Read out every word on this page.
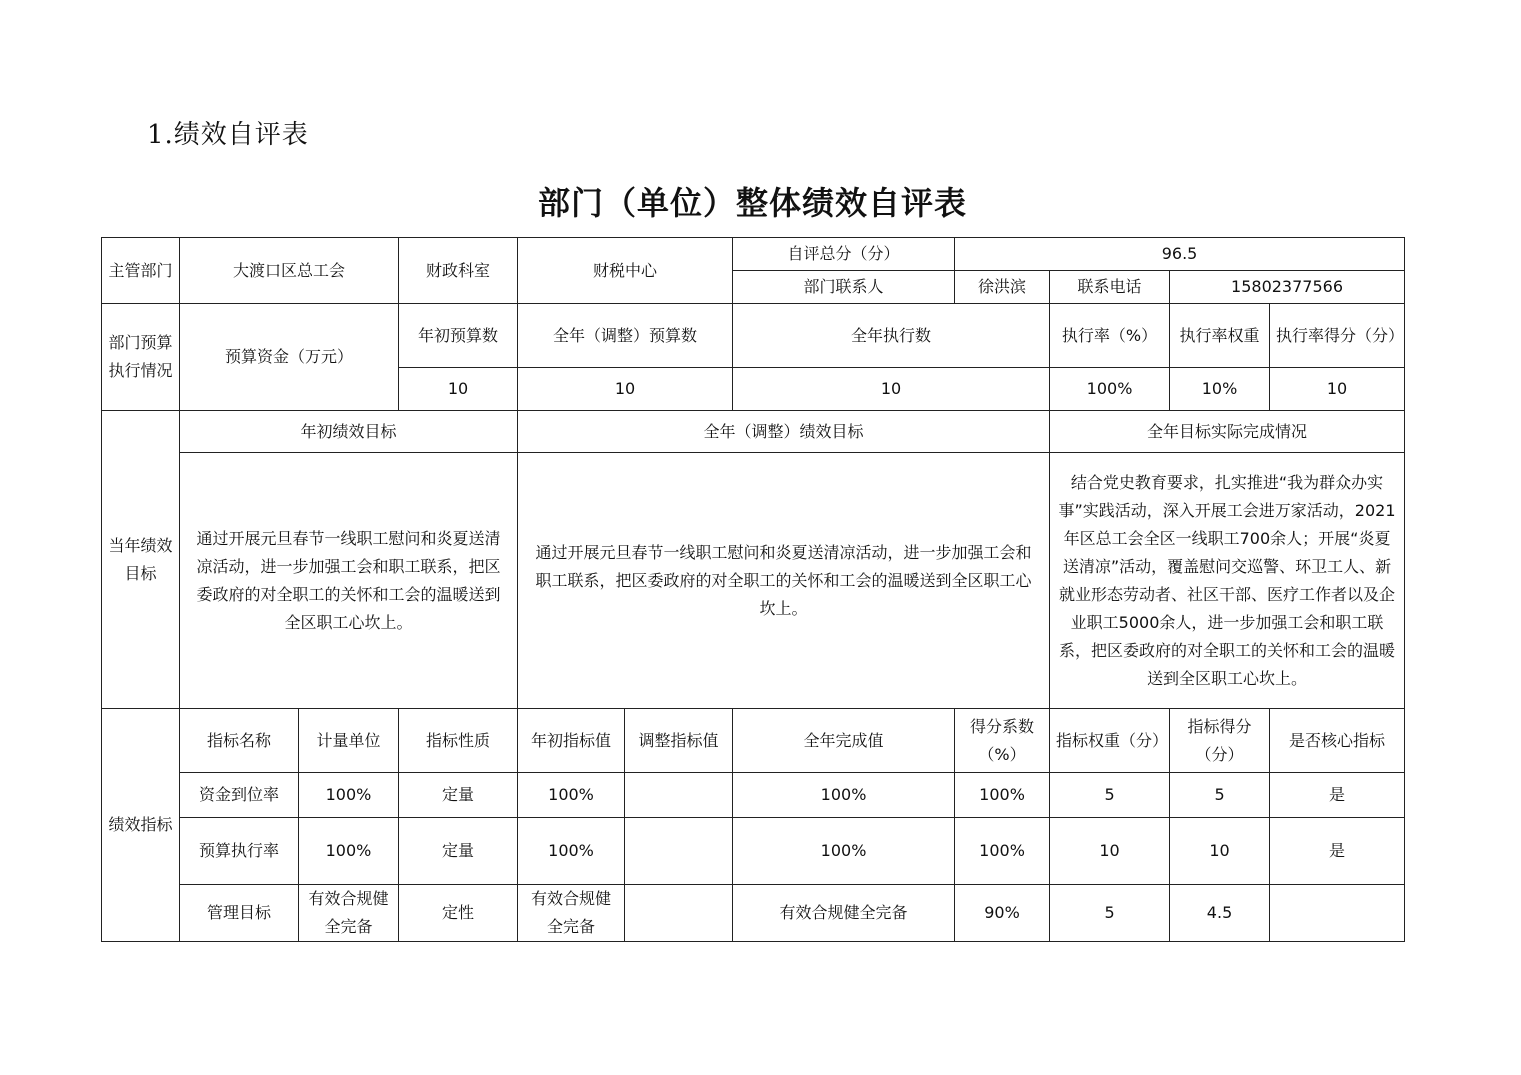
1.绩效自评表
部门（单位）整体绩效自评表
主管部门	大渡口区总工会		财政科室	财税中心		自评总分（分）	96.5			
						部门联系人	徐洪滨	联系电话	15802377566	
部门预算执行情况	预算资金（万元）		年初预算数	全年（调整）预算数		全年执行数		执行率（%）	执行率权重	执行率得分（分）
			10	10		10		100%	10%	10
当年绩效目标	年初绩效目标			全年（调整）绩效目标				全年目标实际完成情况		
	通过开展元旦春节一线职工慰问和炎夏送清凉活动，进一步加强工会和职工联系，把区委政府的对全职工的关怀和工会的温暖送到全区职工心坎上。			通过开展元旦春节一线职工慰问和炎夏送清凉活动，进一步加强工会和职工联系，把区委政府的对全职工的关怀和工会的温暖送到全区职工心坎上。				结合党史教育要求，扎实推进“我为群众办实事”实践活动，深入开展工会进万家活动，2021年区总工会全区一线职工700余人；开展“炎夏送清凉”活动，覆盖慰问交巡警、环卫工人、新就业形态劳动者、社区干部、医疗工作者以及企业职工5000余人，进一步加强工会和职工联系，把区委政府的对全职工的关怀和工会的温暖送到全区职工心坎上。		
绩效指标	指标名称	计量单位	指标性质	年初指标值	调整指标值	全年完成值	得分系数（%）	指标权重（分）	指标得分（分）	是否核心指标
	资金到位率	100%	定量	100%		100%	100%	5	5	是
	预算执行率	100%	定量	100%		100%	100%	10	10	是
	管理目标	有效合规健全完备	定性	有效合规健全完备		有效合规健全完备	90%	5	4.5	
